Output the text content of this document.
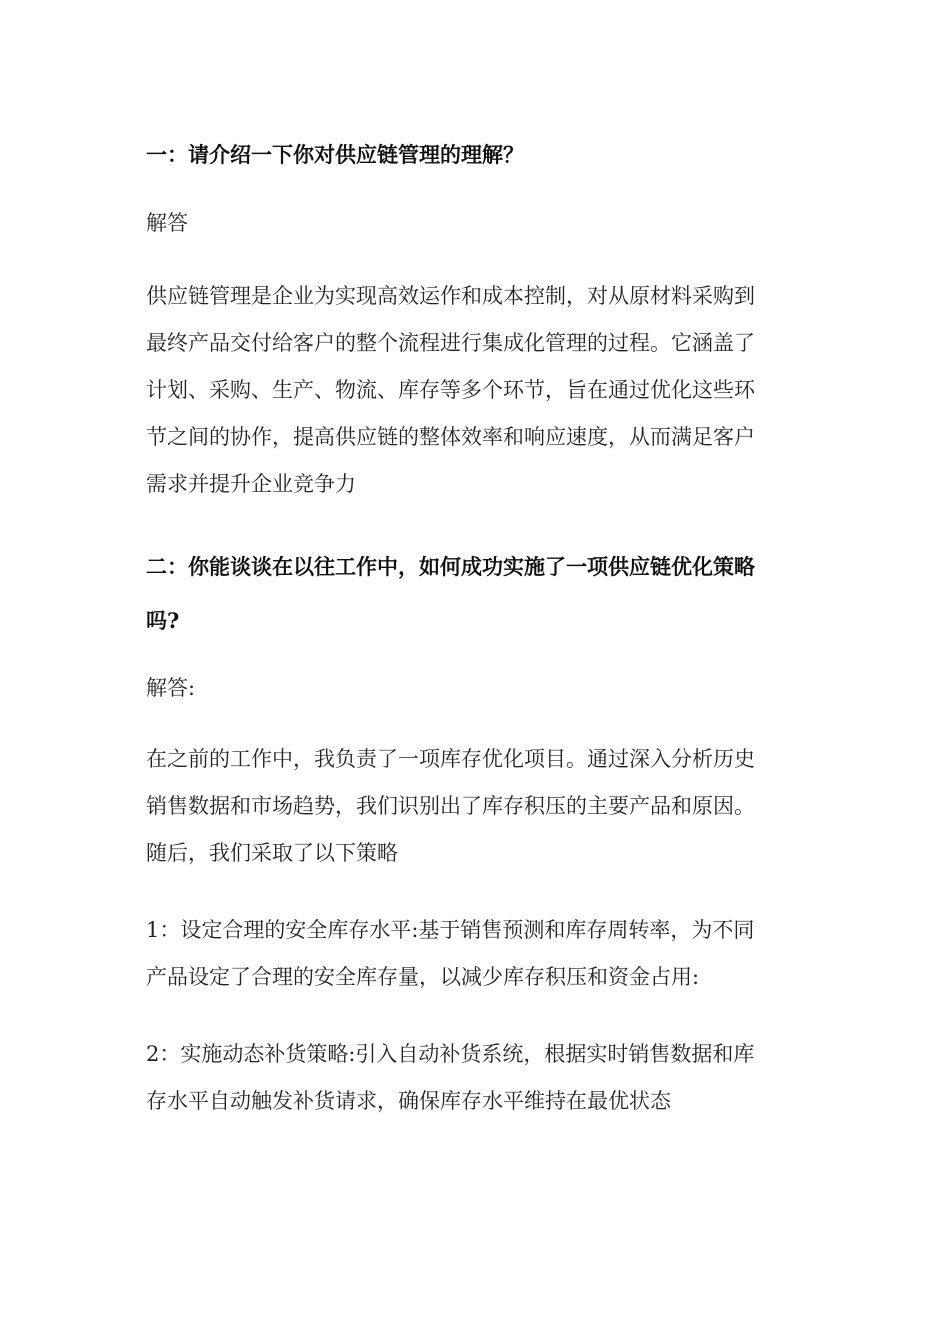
一：请介绍一下你对供应链管理的理解？

解答

供应链管理是企业为实现高效运作和成本控制，对从原材料采购到
最终产品交付给客户的整个流程进行集成化管理的过程。它涵盖了
计划、采购、生产、物流、库存等多个环节，旨在通过优化这些环
节之间的协作，提高供应链的整体效率和响应速度，从而满足客户
需求并提升企业竞争力

二：你能谈谈在以往工作中，如何成功实施了一项供应链优化策略
吗?

解答:

在之前的工作中，我负责了一项库存优化项目。通过深入分析历史
销售数据和市场趋势，我们识别出了库存积压的主要产品和原因。
随后，我们采取了以下策略

1：设定合理的安全库存水平:基于销售预测和库存周转率，为不同
产品设定了合理的安全库存量，以减少库存积压和资金占用:

2：实施动态补货策略:引入自动补货系统，根据实时销售数据和库
存水平自动触发补货请求，确保库存水平维持在最优状态
